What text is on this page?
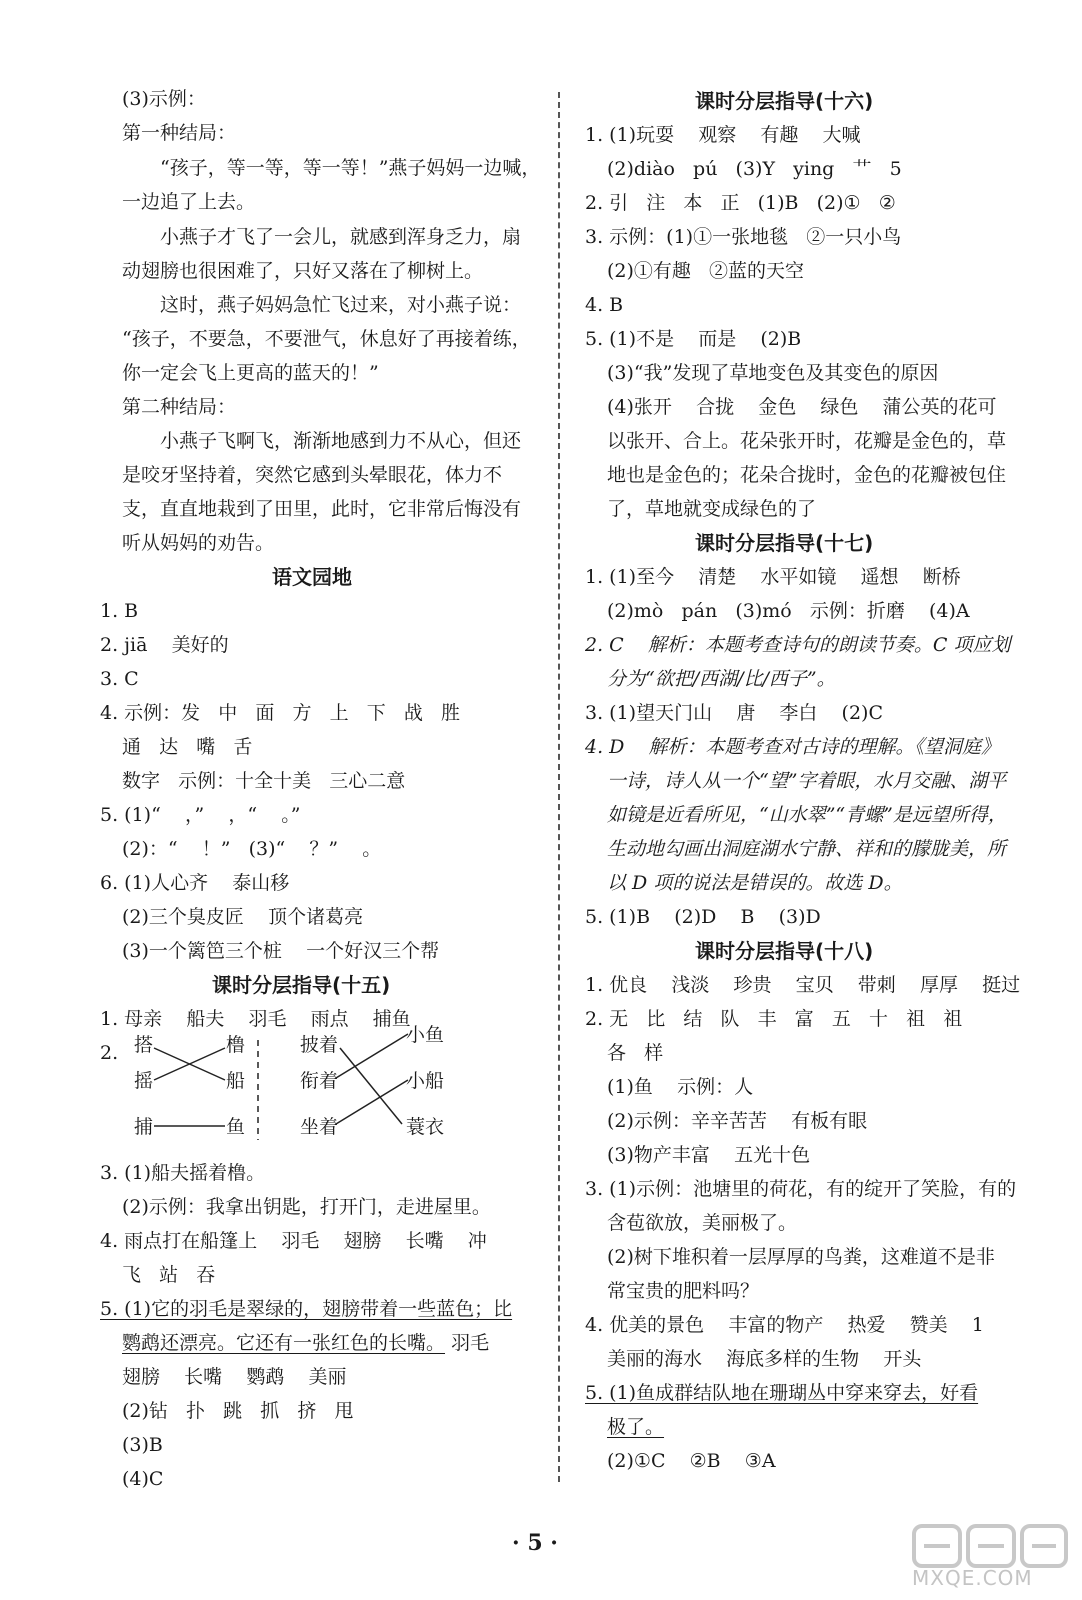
(3)示例：
第一种结局：
“孩子，等一等，等一等！”燕子妈妈一边喊，
一边追了上去。
小燕子才飞了一会儿，就感到浑身乏力，扇
动翅膀也很困难了，只好又落在了柳树上。
这时，燕子妈妈急忙飞过来，对小燕子说：
“孩子，不要急，不要泄气，休息好了再接着练，
你一定会飞上更高的蓝天的！”
第二种结局：
小燕子飞啊飞，渐渐地感到力不从心，但还
是咬牙坚持着，突然它感到头晕眼花，体力不
支，直直地栽到了田里，此时，它非常后悔没有
听从妈妈的劝告。
语文园地
1. B
2. jiā    美好的
3. C
4. 示例：发   中   面   方   上   下   战   胜
通   达   嘴   舌
数字   示例：十全十美   三心二意
5. (1)“    ，”    ，“    。”
(2)：“    ！”   (3)“    ？”    。
6. (1)人心齐    泰山移
(2)三个臭皮匠    顶个诸葛亮
(3)一个篱笆三个桩    一个好汉三个帮
课时分层指导(十五)
1. 母亲    船夫    羽毛    雨点    捕鱼
2.
3. (1)船夫摇着橹。
(2)示例：我拿出钥匙，打开门，走进屋里。
4. 雨点打在船篷上    羽毛    翅膀    长嘴    冲
飞   站   吞
5. (1)它的羽毛是翠绿的，翅膀带着一些蓝色；比
鹦鹉还漂亮。它还有一张红色的长嘴。 羽毛
翅膀    长嘴    鹦鹉    美丽
(2)钻   扑   跳   抓   挤   甩
(3)B
(4)C
搭
摇
捕
橹
船
鱼
披着
衔着
坐着
小鱼
小船
蓑衣
课时分层指导(十六)
1. (1)玩耍    观察    有趣    大喊
(2)diào   pú   (3)Y   ying   艹   5
2. 引   注   本   正   (1)B   (2)①   ②
3. 示例：(1)①一张地毯   ②一只小鸟
(2)①有趣   ②蓝的天空
4. B
5. (1)不是    而是    (2)B
(3)“我”发现了草地变色及其变色的原因
(4)张开    合拢    金色    绿色    蒲公英的花可
以张开、合上。花朵张开时，花瓣是金色的，草
地也是金色的；花朵合拢时，金色的花瓣被包住
了，草地就变成绿色的了
课时分层指导(十七)
1. (1)至今    清楚    水平如镜    遥想    断桥
(2)mò   pán   (3)mó   示例：折磨    (4)A
2. C    解析：本题考查诗句的朗读节奏。C 项应划
分为“欲把/西湖/比/西子”。
3. (1)望天门山    唐    李白    (2)C
4. D    解析：本题考查对古诗的理解。《望洞庭》
一诗，诗人从一个“望”字着眼，水月交融、湖平
如镜是近看所见，“山水翠”“青螺”是远望所得，
生动地勾画出洞庭湖水宁静、祥和的朦胧美，所
以 D 项的说法是错误的。故选 D。
5. (1)B    (2)D    B    (3)D
课时分层指导(十八)
1. 优良    浅淡    珍贵    宝贝    带刺    厚厚    挺过
2. 无   比   结   队   丰   富   五   十   祖   祖
各   样
(1)鱼    示例：人
(2)示例：辛辛苦苦    有板有眼
(3)物产丰富    五光十色
3. (1)示例：池塘里的荷花，有的绽开了笑脸，有的
含苞欲放，美丽极了。
(2)树下堆积着一层厚厚的鸟粪，这难道不是非
常宝贵的肥料吗？
4. 优美的景色    丰富的物产    热爱    赞美    1
美丽的海水    海底多样的生物    开头
5. (1)鱼成群结队地在珊瑚丛中穿来穿去，好看
极了。
(2)①C    ②B    ③A
· 5 ·
MXQE.COM
